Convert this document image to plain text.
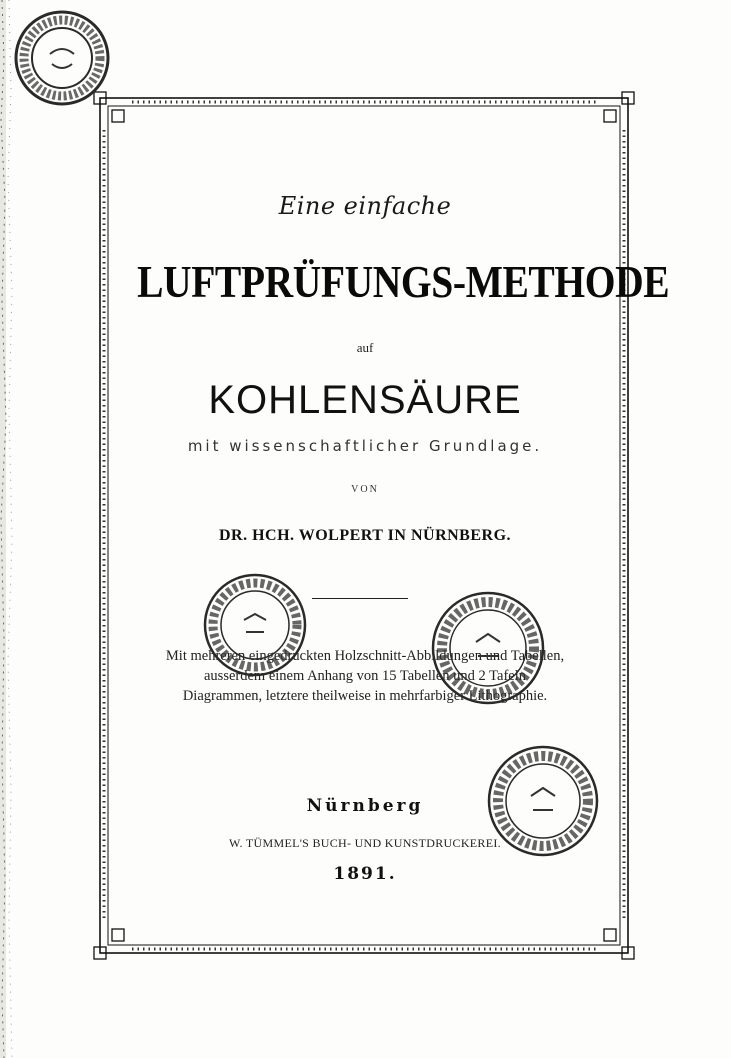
Eine einfache
LUFTPRÜFUNGS-METHODE
auf
KOHLENSÄURE
mit wissenschaftlicher Grundlage.
VON
DR. HCH. WOLPERT IN NÜRNBERG.
Mit mehreren eingedruckten Holzschnitt-Abbildungen und Tabellen,
ausserdem einem Anhang von 15 Tabellen und 2 Tafeln
Diagrammen, letztere theilweise in mehrfarbiger Lithographie.
Nürnberg
W. TÜMMEL'S BUCH- UND KUNSTDRUCKEREI.
1891.
